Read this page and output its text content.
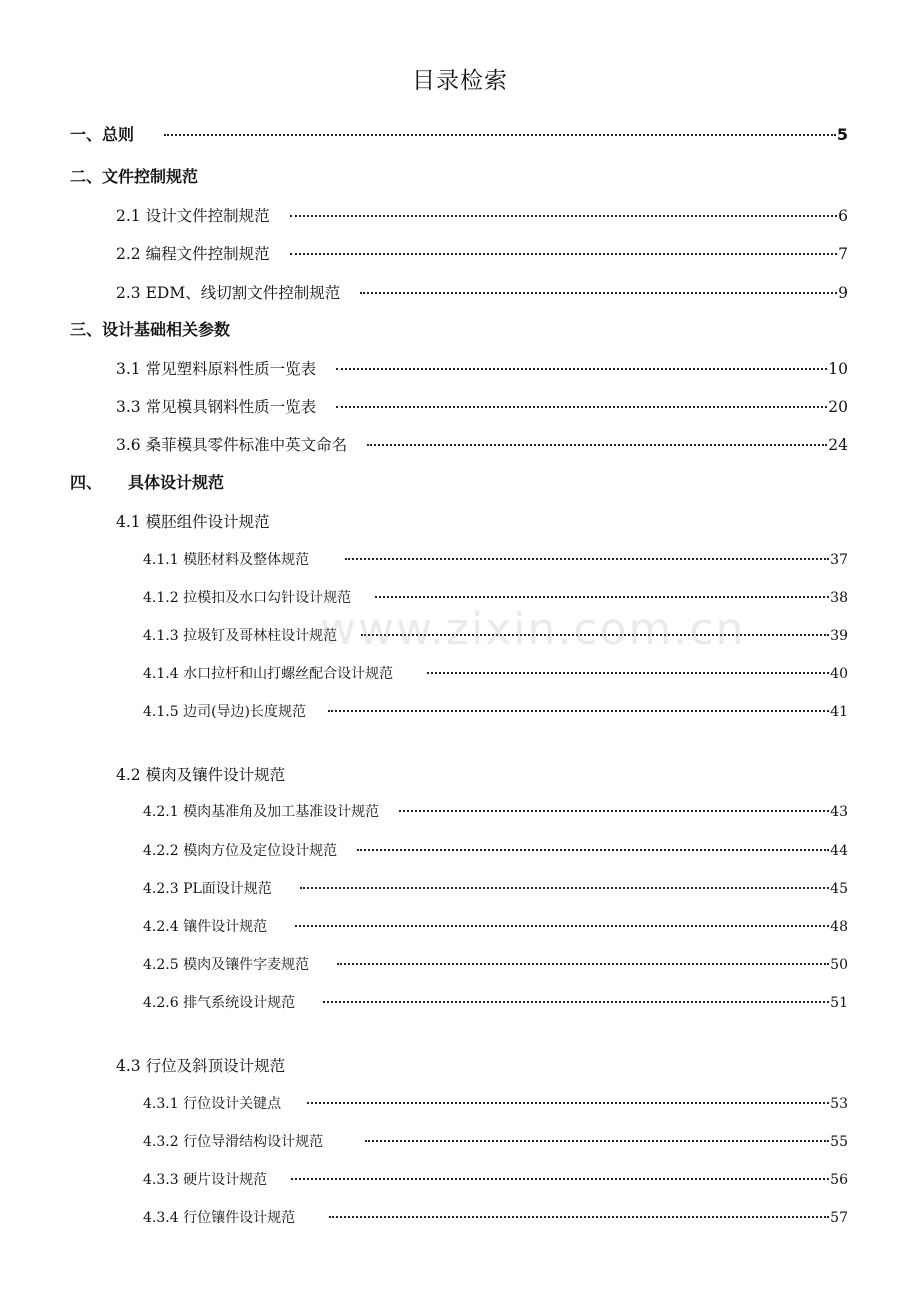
目录检索
一、总则	5
二、文件控制规范
2.1 设计文件控制规范	6
2.2 编程文件控制规范	7
2.3 EDM、线切割文件控制规范	9
三、设计基础相关参数
3.1 常见塑料原料性质一览表	10
3.3 常见模具钢料性质一览表	20
3.6 桑菲模具零件标准中英文命名	24
四、 具体设计规范
4.1 模胚组件设计规范
4.1.1 模胚材料及整体规范	37
4.1.2 拉模扣及水口勾针设计规范	38
4.1.3 拉圾钉及哥林柱设计规范	39
4.1.4 水口拉杆和山打螺丝配合设计规范	40
4.1.5 边司(导边)长度规范	41
4.2 模肉及镶件设计规范
4.2.1 模肉基准角及加工基准设计规范	43
4.2.2 模肉方位及定位设计规范	44
4.2.3 PL面设计规范	45
4.2.4 镶件设计规范	48
4.2.5 模肉及镶件字麦规范	50
4.2.6 排气系统设计规范	51
4.3 行位及斜顶设计规范
4.3.1 行位设计关键点	53
4.3.2 行位导滑结构设计规范	55
4.3.3 硬片设计规范	56
4.3.4 行位镶件设计规范	57
www.zixin.com.cn
